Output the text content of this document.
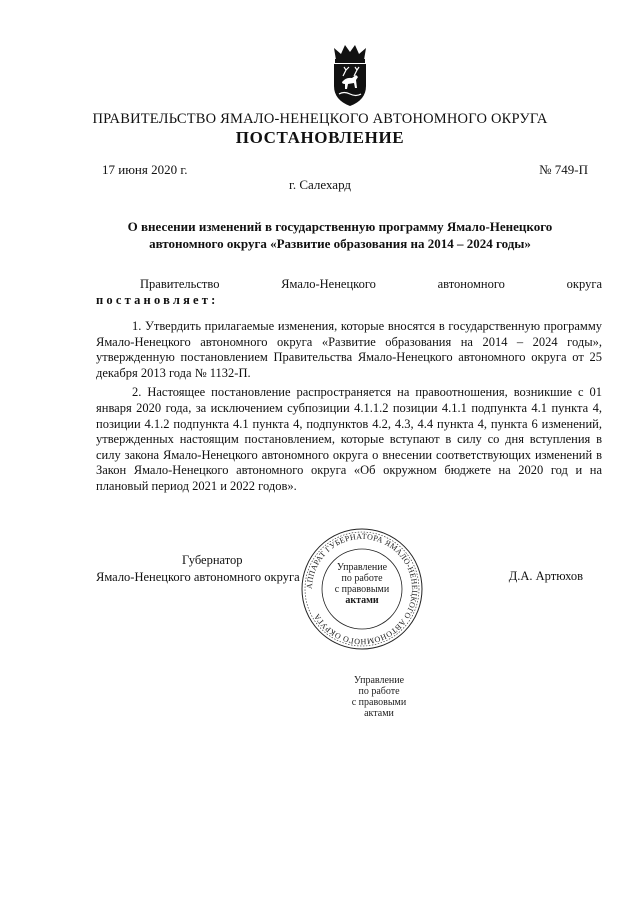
ПРАВИТЕЛЬСТВО ЯМАЛО-НЕНЕЦКОГО АВТОНОМНОГО ОКРУГА
ПОСТАНОВЛЕНИЕ
17 июня 2020 г.	№ 749-П
г. Салехард
О внесении изменений в государственную программу Ямало-Ненецкого автономного округа «Развитие образования на 2014 – 2024 годы»
Правительство	Ямало-Ненецкого	автономного	округа
постановляет:

1. Утвердить прилагаемые изменения, которые вносятся в государственную программу Ямало-Ненецкого автономного округа «Развитие образования на 2014 – 2024 годы», утвержденную постановлением Правительства Ямало-Ненецкого автономного округа от 25 декабря 2013 года № 1132-П.

2. Настоящее постановление распространяется на правоотношения, возникшие с 01 января 2020 года, за исключением субпозиции 4.1.1.2 позиции 4.1.1 подпункта 4.1 пункта 4, позиции 4.1.2 подпункта 4.1 пункта 4, подпунктов 4.2, 4.3, 4.4 пункта 4, пункта 6 изменений, утвержденных настоящим постановлением, которые вступают в силу со дня вступления в силу закона Ямало-Ненецкого автономного округа о внесении соответствующих изменений в Закон Ямало-Ненецкого автономного округа «Об окружном бюджете на 2020 год и на плановый период 2021 и 2022 годов».

Губернатор
Ямало-Ненецкого автономного округа	Д.А. Артюхов
АППАРАТ ГУБЕРНАТОРА ЯМАЛО-НЕНЕЦКОГО АВТОНОМНОГО ОКРУГА
Управление
по работе
с правовыми
актами
Управление
по работе
с правовыми
актами
